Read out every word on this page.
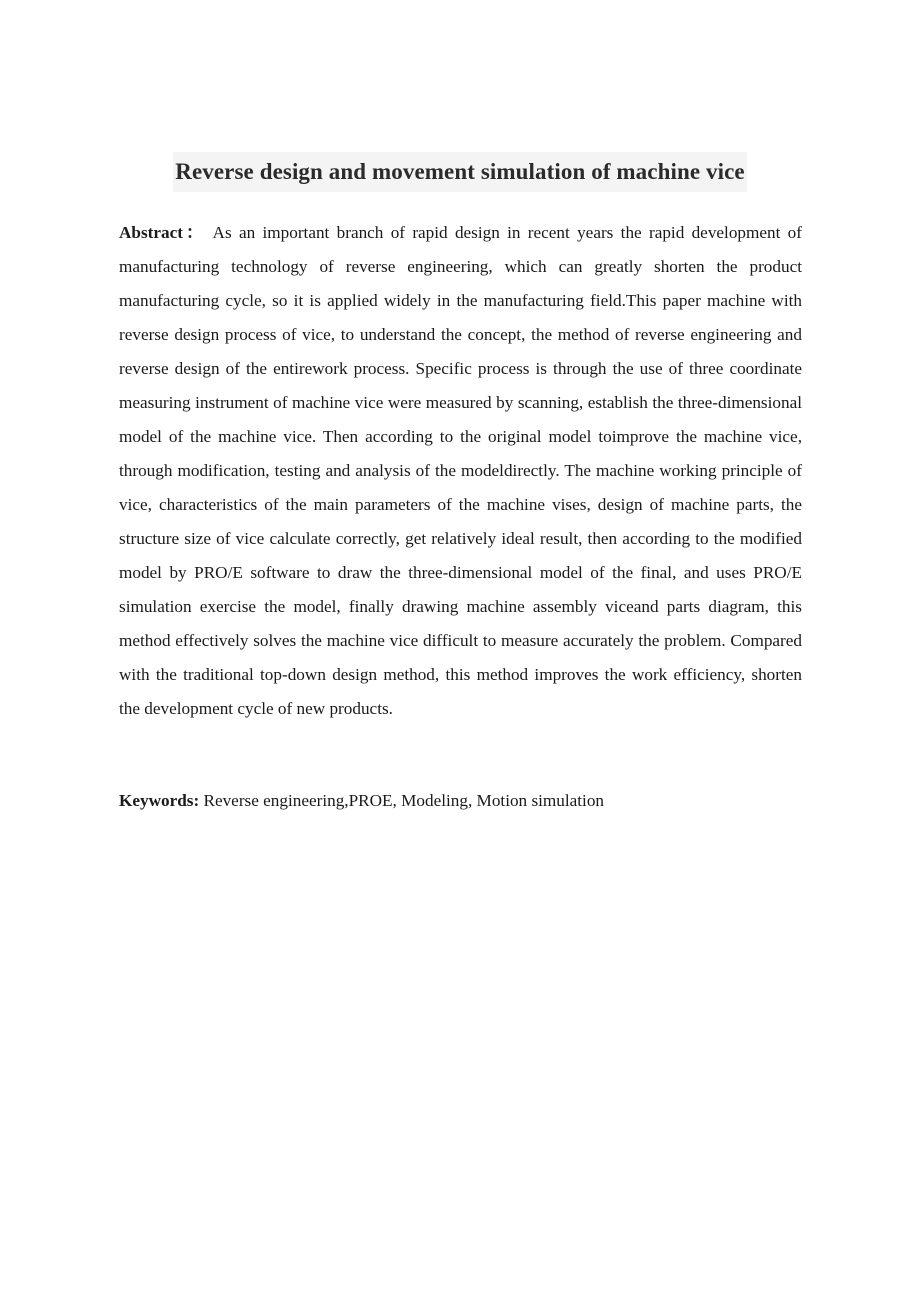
Reverse design and movement simulation of machine vice

Abstract： As an important branch of rapid design in recent years the rapid development of manufacturing technology of reverse engineering, which can greatly shorten the product manufacturing cycle, so it is applied widely in the manufacturing field.This paper machine with reverse design process of vice, to understand the concept, the method of reverse engineering and reverse design of the entirework process. Specific process is through the use of three coordinate measuring instrument of machine vice were measured by scanning, establish the three-dimensional model of the machine vice. Then according to the original model toimprove the machine vice, through modification, testing and analysis of the modeldirectly. The machine working principle of vice, characteristics of the main parameters of the machine vises, design of machine parts, the structure size of vice calculate correctly, get relatively ideal result, then according to the modified model by PRO/E software to draw the three-dimensional model of the final, and uses PRO/E simulation exercise the model, finally drawing machine assembly viceand parts diagram, this method effectively solves the machine vice difficult to measure accurately the problem. Compared with the traditional top-down design method, this method improves the work efficiency, shorten the development cycle of new products.

Keywords: Reverse engineering,PROE, Modeling, Motion simulation
